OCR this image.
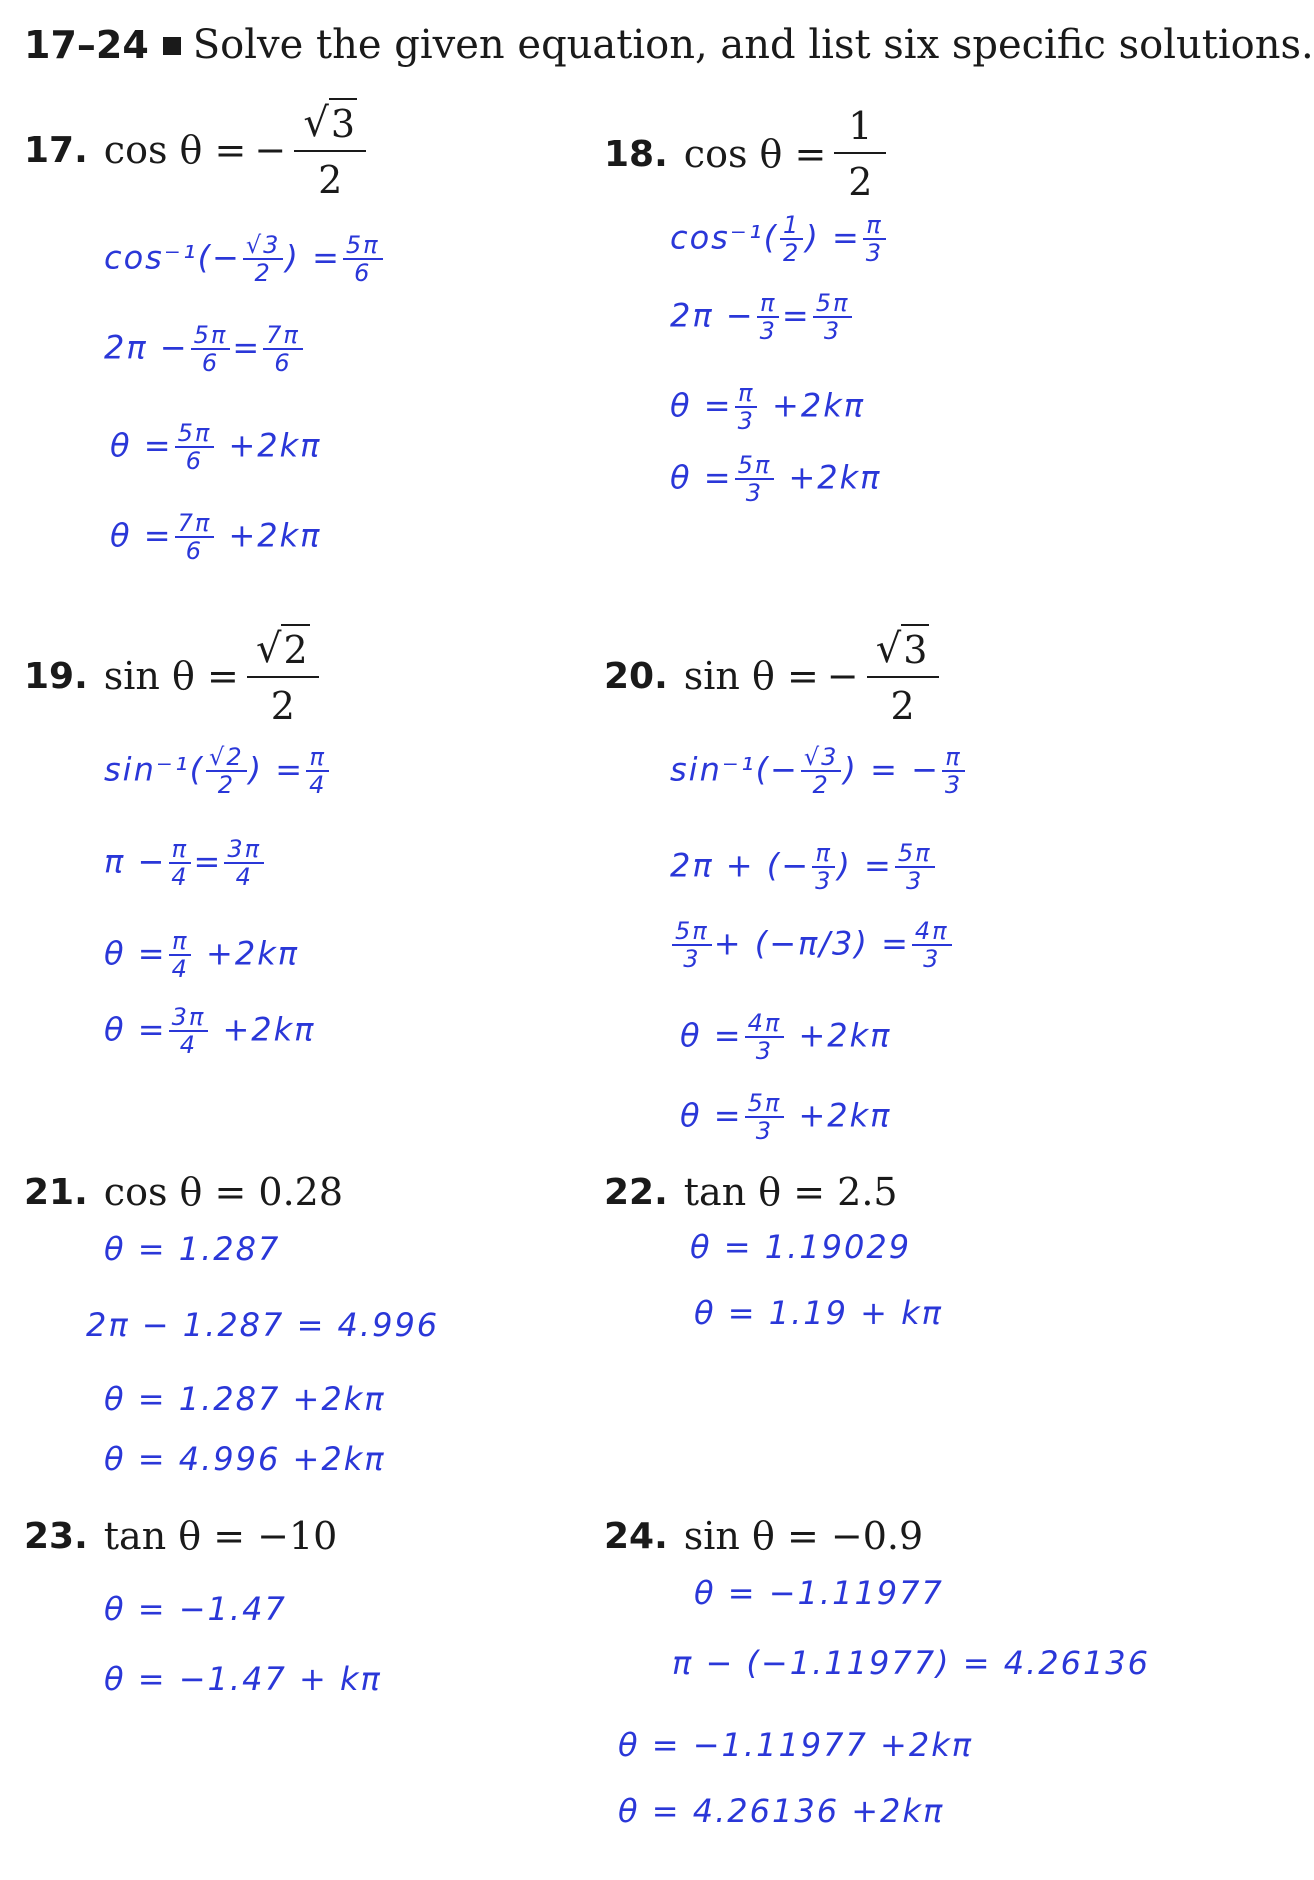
17–24 Solve the given equation, and list six specific solutions.
17. cos θ = − $\frac{√ 3}{2}$	18. $\cos \theta = \frac{1}{2}$
$\cos^{-1}(- \frac{√3}{2}$ ) = $\frac{5\pi}{6}$
$2\pi - \frac{5\pi}{6} = \frac{7\pi}{6}$
$\theta = \frac{5\pi}{6} +2k\pi$
$\theta = \frac{7\pi}{6} +2k\pi$
$\cos^{-1}( \frac{1}{2}$ ) = $\frac{\pi}{3}$
$2\pi - \frac{\pi}{3} = \frac{5\pi}{3}$
$\theta = \frac{\pi}{3} +2k\pi$
$\theta = \frac{5\pi}{3} +2k\pi$
19. $\sin \theta = \frac{√ 2}{2}$	20. sin θ = − $\frac{√ 3}{2}$
$\sin^{-1}( \frac{√2}{2}$ ) = $\frac{\pi}{4}$
$\pi - \frac{\pi}{4} = \frac{3\pi}{4}$
$\theta = \frac{\pi}{4} +2k\pi$
$\theta = \frac{3\pi}{4} +2k\pi$
$\sin^{-1}(- \frac{√3}{2}$ ) = − $\frac{\pi}{3}$
2π + (− $\frac{\pi}{3}$ ) = $\frac{5\pi}{3}$
$\frac{5\pi}{3} + (-\pi/3) = \frac{4\pi}{3}$
$\theta = \frac{4\pi}{3} +2k\pi$
$\theta = \frac{5\pi}{3} +2k\pi$
21. cos θ = 0.28
θ = 1.287
2π − 1.287 = 4.996
θ = 1.287 +2kπ
θ = 4.996 +2kπ
22. tan θ = 2.5
θ = 1.19029
θ = 1.19 + kπ
23. tan θ = −10
θ = −1.47
θ = −1.47 + kπ
24. sin θ = −0.9
θ = −1.11977
π − (−1.11977) = 4.26136
θ = −1.11977 +2kπ
θ = 4.26136 +2kπ
